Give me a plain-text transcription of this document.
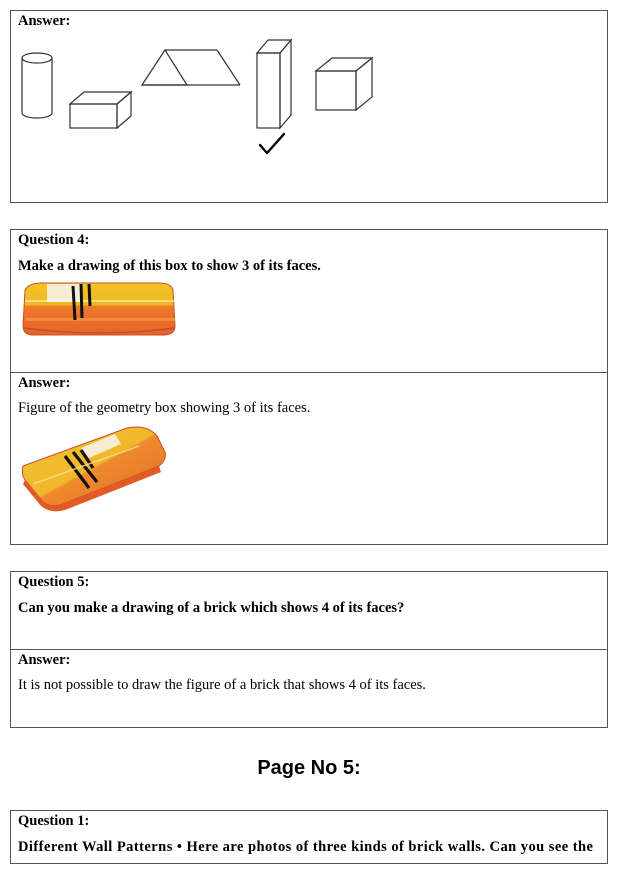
Answer:
Question 4:
Make a drawing of this box to show 3 of its faces.
Answer:
Figure of the geometry box showing 3 of its faces.
Question 5:
Can you make a drawing of a brick which shows 4 of its faces?
Answer:
It is not possible to draw the figure of a brick that shows 4 of its faces.
Page No 5:
Question 1:
Different Wall Patterns • Here are photos of three kinds of brick walls. Can you see the
